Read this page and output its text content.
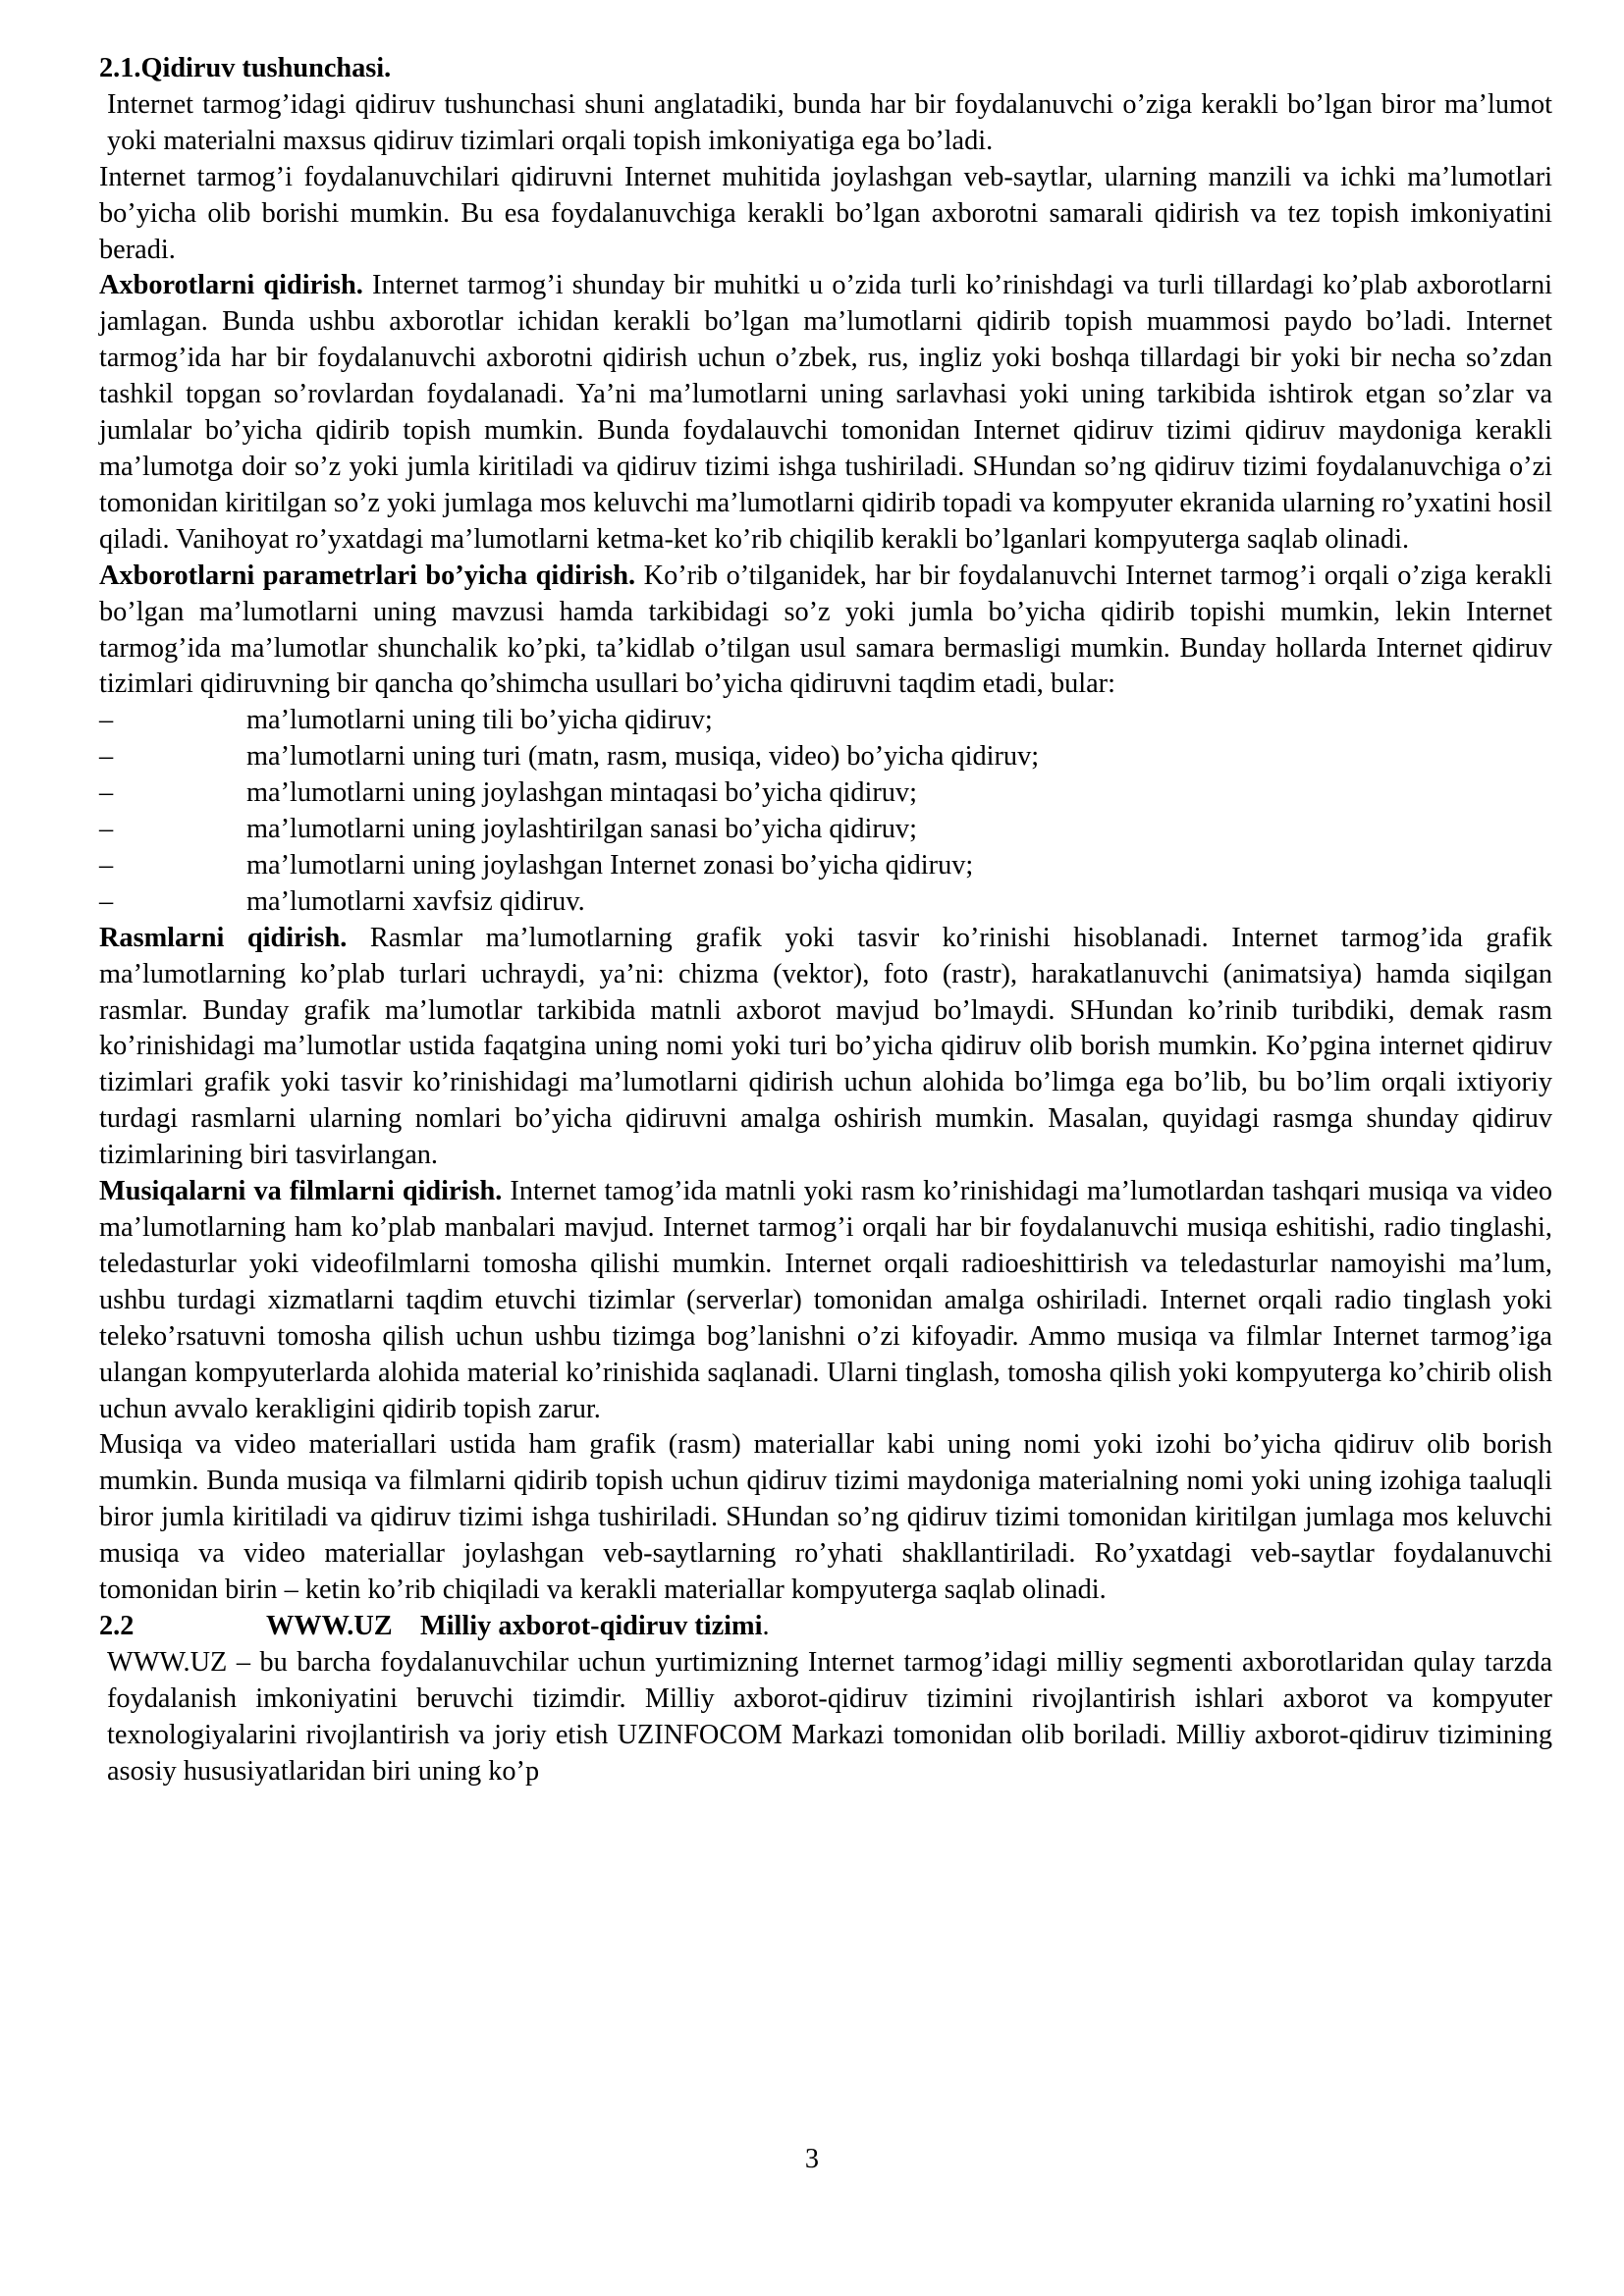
2.1.Qidiruv tushunchasi.

Internet tarmog’idagi qidiruv tushunchasi shuni anglatadiki, bunda har bir foydalanuvchi o’ziga kerakli bo’lgan biror ma’lumot yoki materialni maxsus qidiruv tizimlari orqali topish imkoniyatiga ega bo’ladi.

Internet tarmog’i foydalanuvchilari qidiruvni Internet muhitida joylashgan veb-saytlar, ularning manzili va ichki ma’lumotlari bo’yicha olib borishi mumkin. Bu esa foydalanuvchiga kerakli bo’lgan axborotni samarali qidirish va tez topish imkoniyatini beradi.

Axborotlarni qidirish. Internet tarmog’i shunday bir muhitki u o’zida turli ko’rinishdagi va turli tillardagi ko’plab axborotlarni jamlagan. Bunda ushbu axborotlar ichidan kerakli bo’lgan ma’lumotlarni qidirib topish muammosi paydo bo’ladi. Internet tarmog’ida har bir foydalanuvchi axborotni qidirish uchun o’zbek, rus, ingliz yoki boshqa tillardagi bir yoki bir necha so’zdan tashkil topgan so’rovlardan foydalanadi. Ya’ni ma’lumotlarni uning sarlavhasi yoki uning tarkibida ishtirok etgan so’zlar va jumlalar bo’yicha qidirib topish mumkin. Bunda foydalauvchi tomonidan Internet qidiruv tizimi qidiruv maydoniga kerakli ma’lumotga doir so’z yoki jumla kiritiladi va qidiruv tizimi ishga tushiriladi. SHundan so’ng qidiruv tizimi foydalanuvchiga o’zi tomonidan kiritilgan so’z yoki jumlaga mos keluvchi ma’lumotlarni qidirib topadi va kompyuter ekranida ularning ro’yxatini hosil qiladi. Vanihoyat ro’yxatdagi ma’lumotlarni ketma-ket ko’rib chiqilib kerakli bo’lganlari kompyuterga saqlab olinadi.

Axborotlarni parametrlari bo’yicha qidirish. Ko’rib o’tilganidek, har bir foydalanuvchi Internet tarmog’i orqali o’ziga kerakli bo’lgan ma’lumotlarni uning mavzusi hamda tarkibidagi so’z yoki jumla bo’yicha qidirib topishi mumkin, lekin Internet tarmog’ida ma’lumotlar shunchalik ko’pki, ta’kidlab o’tilgan usul samara bermasligi mumkin. Bunday hollarda Internet qidiruv tizimlari qidiruvning bir qancha qo’shimcha usullari bo’yicha qidiruvni taqdim etadi, bular:

–	ma’lumotlarni uning tili bo’yicha qidiruv;
–	ma’lumotlarni uning turi (matn, rasm, musiqa, video) bo’yicha qidiruv;
–	ma’lumotlarni uning joylashgan mintaqasi bo’yicha qidiruv;
–	ma’lumotlarni uning joylashtirilgan sanasi bo’yicha qidiruv;
–	ma’lumotlarni uning joylashgan Internet zonasi bo’yicha qidiruv;
–	ma’lumotlarni xavfsiz qidiruv.

Rasmlarni qidirish. Rasmlar ma’lumotlarning grafik yoki tasvir ko’rinishi hisoblanadi. Internet tarmog’ida grafik ma’lumotlarning ko’plab turlari uchraydi, ya’ni: chizma (vektor), foto (rastr), harakatlanuvchi (animatsiya) hamda siqilgan rasmlar. Bunday grafik ma’lumotlar tarkibida matnli axborot mavjud bo’lmaydi. SHundan ko’rinib turibdiki, demak rasm ko’rinishidagi ma’lumotlar ustida faqatgina uning nomi yoki turi bo’yicha qidiruv olib borish mumkin. Ko’pgina internet qidiruv tizimlari grafik yoki tasvir ko’rinishidagi ma’lumotlarni qidirish uchun alohida bo’limga ega bo’lib, bu bo’lim orqali ixtiyoriy turdagi rasmlarni ularning nomlari bo’yicha qidiruvni amalga oshirish mumkin. Masalan, quyidagi rasmga shunday qidiruv tizimlarining biri tasvirlangan.

Musiqalarni va filmlarni qidirish. Internet tamog’ida matnli yoki rasm ko’rinishidagi ma’lumotlardan tashqari musiqa va video ma’lumotlarning ham ko’plab manbalari mavjud. Internet tarmog’i orqali har bir foydalanuvchi musiqa eshitishi, radio tinglashi, teledasturlar yoki videofilmlarni tomosha qilishi mumkin. Internet orqali radioeshittirish va teledasturlar namoyishi ma’lum, ushbu turdagi xizmatlarni taqdim etuvchi tizimlar (serverlar) tomonidan amalga oshiriladi. Internet orqali radio tinglash yoki teleko’rsatuvni tomosha qilish uchun ushbu tizimga bog’lanishni o’zi kifoyadir. Ammo musiqa va filmlar Internet tarmog’iga ulangan kompyuterlarda alohida material ko’rinishida saqlanadi. Ularni tinglash, tomosha qilish yoki kompyuterga ko’chirib olish uchun avvalo kerakligini qidirib topish zarur.

Musiqa va video materiallari ustida ham grafik (rasm) materiallar kabi uning nomi yoki izohi bo’yicha qidiruv olib borish mumkin. Bunda musiqa va filmlarni qidirib topish uchun qidiruv tizimi maydoniga materialning nomi yoki uning izohiga taaluqli biror jumla kiritiladi va qidiruv tizimi ishga tushiriladi. SHundan so’ng qidiruv tizimi tomonidan kiritilgan jumlaga mos keluvchi musiqa va video materiallar joylashgan veb-saytlarning ro’yhati shakllantiriladi. Ro’yxatdagi veb-saytlar foydalanuvchi tomonidan birin – ketin ko’rib chiqiladi va kerakli materiallar kompyuterga saqlab olinadi.

2.2	WWW.UZ    Milliy axborot-qidiruv tizimi.

WWW.UZ – bu barcha foydalanuvchilar uchun yurtimizning Internet tarmog’idagi milliy segmenti axborotlaridan qulay tarzda foydalanish imkoniyatini beruvchi tizimdir. Milliy axborot-qidiruv tizimini rivojlantirish ishlari axborot va kompyuter texnologiyalarini rivojlantirish va joriy etish UZINFOCOM Markazi tomonidan olib boriladi. Milliy axborot-qidiruv tizimining asosiy hususiyatlaridan biri uning ko’p

3
